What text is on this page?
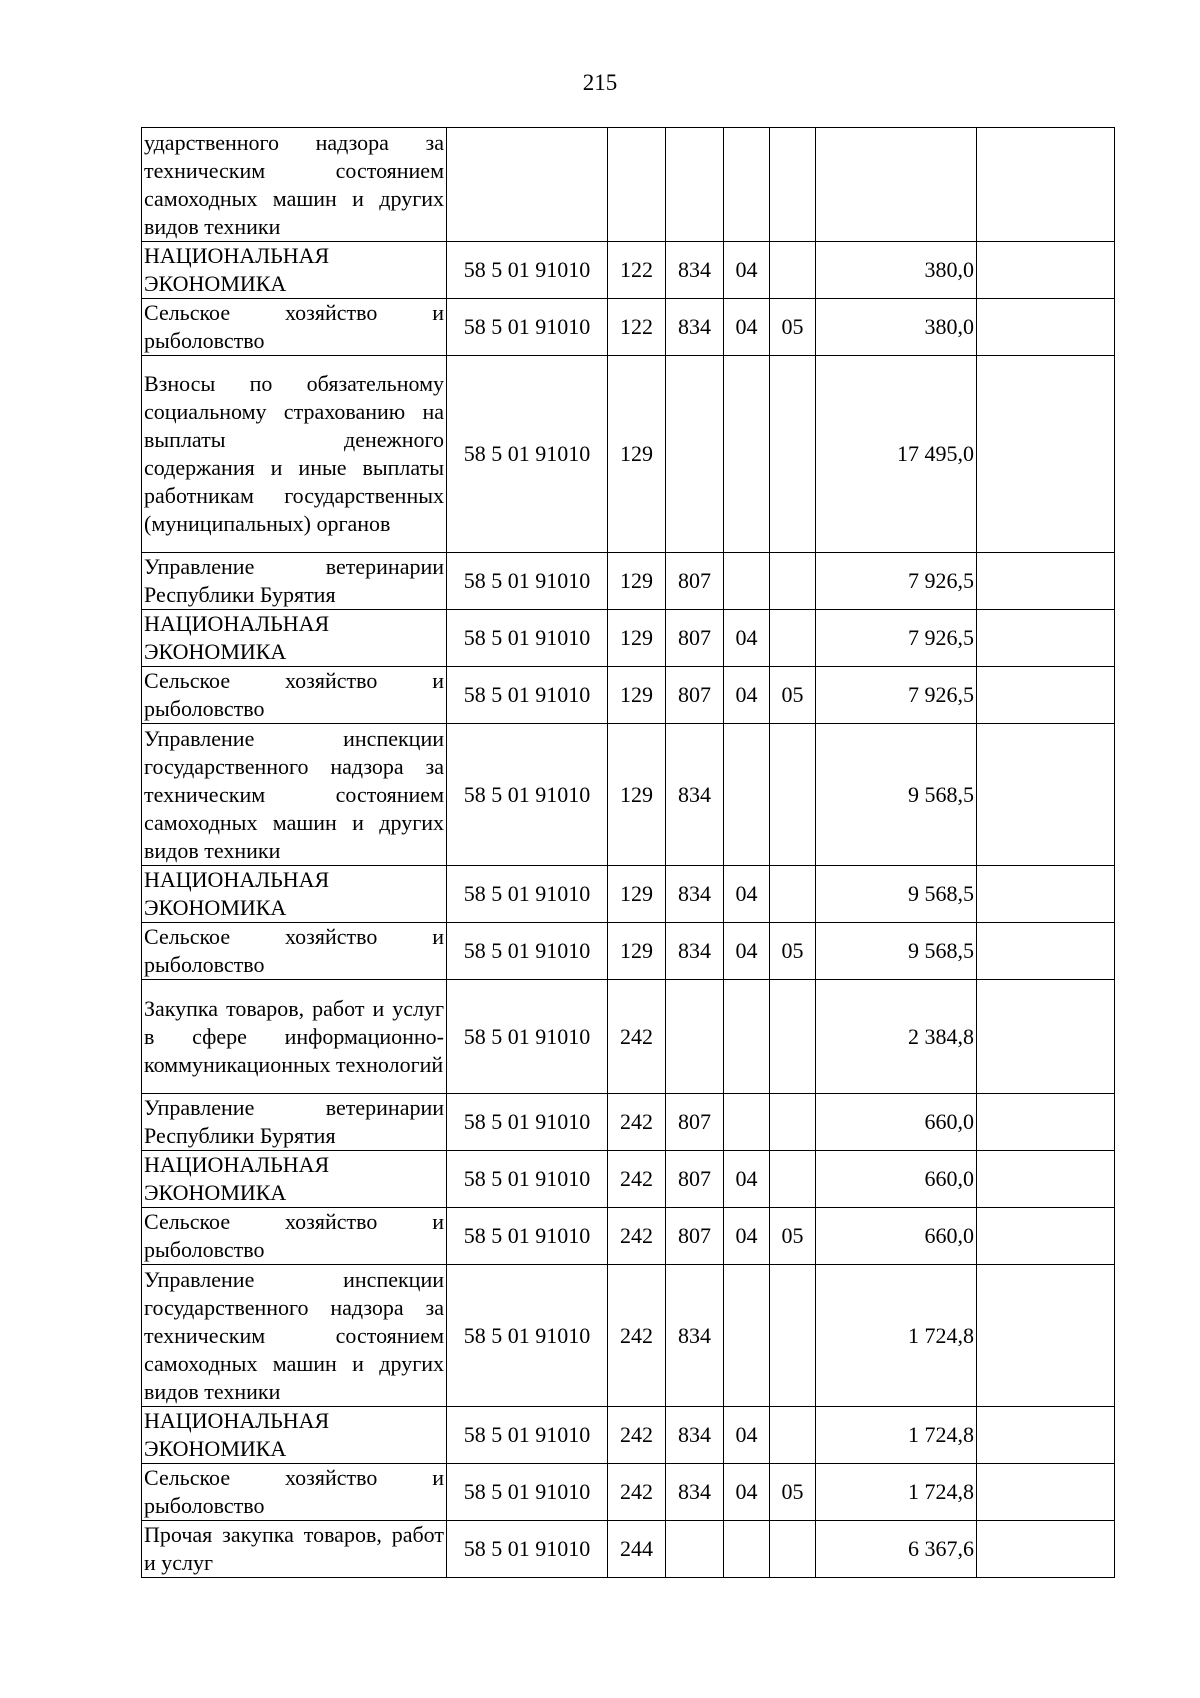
215
ударственного надзора за техническим состоянием самоходных машин и других видов техники							
НАЦИОНАЛЬНАЯ ЭКОНОМИКА	58 5 01 91010	122	834	04		380,0	
Сельское хозяйство и рыболовство	58 5 01 91010	122	834	04	05	380,0	
Взносы по обязательному социальному страхованию на выплаты денежного содержания и иные выплаты работникам государственных (муниципальных) органов	58 5 01 91010	129				17 495,0	
Управление ветеринарии Республики Бурятия	58 5 01 91010	129	807			7 926,5	
НАЦИОНАЛЬНАЯ ЭКОНОМИКА	58 5 01 91010	129	807	04		7 926,5	
Сельское хозяйство и рыболовство	58 5 01 91010	129	807	04	05	7 926,5	
Управление инспекции государственного надзора за техническим состоянием самоходных машин и других видов техники	58 5 01 91010	129	834			9 568,5	
НАЦИОНАЛЬНАЯ ЭКОНОМИКА	58 5 01 91010	129	834	04		9 568,5	
Сельское хозяйство и рыболовство	58 5 01 91010	129	834	04	05	9 568,5	
Закупка товаров, работ и услуг в сфере информационно-коммуникационных технологий	58 5 01 91010	242				2 384,8	
Управление ветеринарии Республики Бурятия	58 5 01 91010	242	807			660,0	
НАЦИОНАЛЬНАЯ ЭКОНОМИКА	58 5 01 91010	242	807	04		660,0	
Сельское хозяйство и рыболовство	58 5 01 91010	242	807	04	05	660,0	
Управление инспекции государственного надзора за техническим состоянием самоходных машин и других видов техники	58 5 01 91010	242	834			1 724,8	
НАЦИОНАЛЬНАЯ ЭКОНОМИКА	58 5 01 91010	242	834	04		1 724,8	
Сельское хозяйство и рыболовство	58 5 01 91010	242	834	04	05	1 724,8	
Прочая закупка товаров, работ и услуг	58 5 01 91010	244				6 367,6	
